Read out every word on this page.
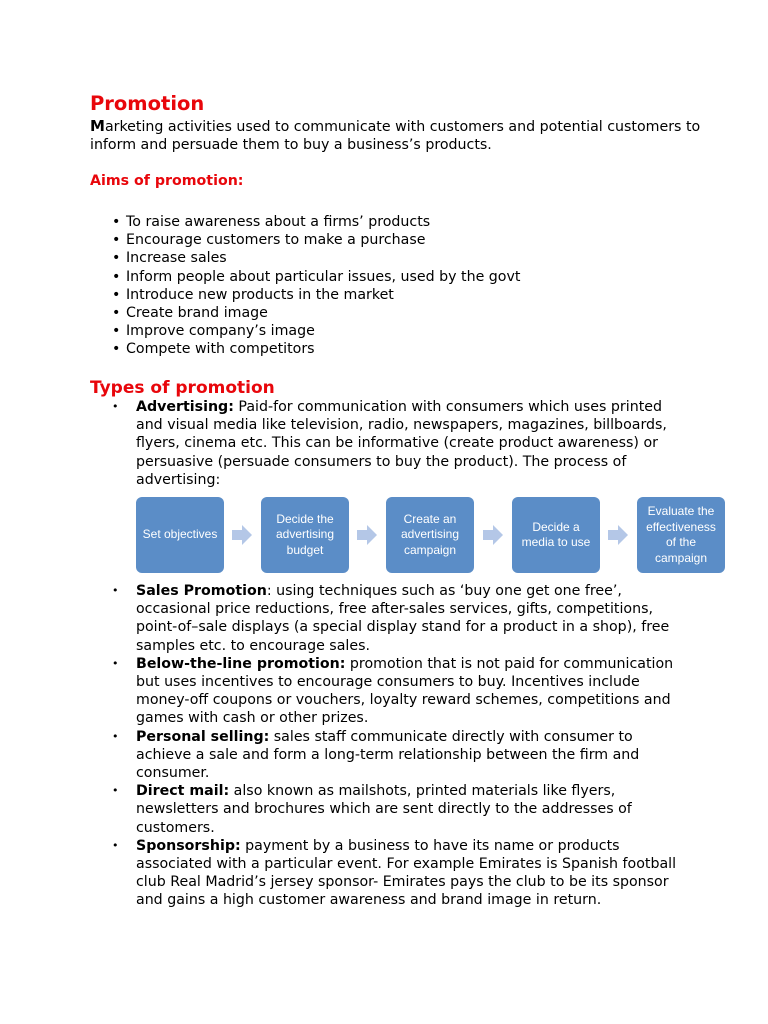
Promotion

Marketing activities used to communicate with customers and potential customers to inform and persuade them to buy a business’s products.

Aims of promotion:
• To raise awareness about a firms’ products
• Encourage customers to make a purchase
• Increase sales
• Inform people about particular issues, used by the govt
• Introduce new products in the market
• Create brand image
• Improve company’s image
• Compete with competitors
Types of promotion
• Advertising: Paid-for communication with consumers which uses printed and visual media like television, radio, newspapers, magazines, billboards, flyers, cinema etc. This can be informative (create product awareness) or persuasive (persuade consumers to buy the product). The process of advertising:
Set objectives
Decide the advertising budget
Create an advertising campaign
Decide a media to use
Evaluate the effectiveness of the campaign
• Sales Promotion: using techniques such as ‘buy one get one free’, occasional price reductions, free after-sales services, gifts, competitions, point-of–sale displays (a special display stand for a product in a shop), free samples etc. to encourage sales.
• Below-the-line promotion: promotion that is not paid for communication but uses incentives to encourage consumers to buy. Incentives include money-off coupons or vouchers, loyalty reward schemes, competitions and games with cash or other prizes.
• Personal selling: sales staff communicate directly with consumer to achieve a sale and form a long-term relationship between the firm and consumer.
• Direct mail: also known as mailshots, printed materials like flyers, newsletters and brochures which are sent directly to the addresses of customers.
• Sponsorship: payment by a business to have its name or products associated with a particular event. For example Emirates is Spanish football club Real Madrid’s jersey sponsor- Emirates pays the club to be its sponsor and gains a high customer awareness and brand image in return.
